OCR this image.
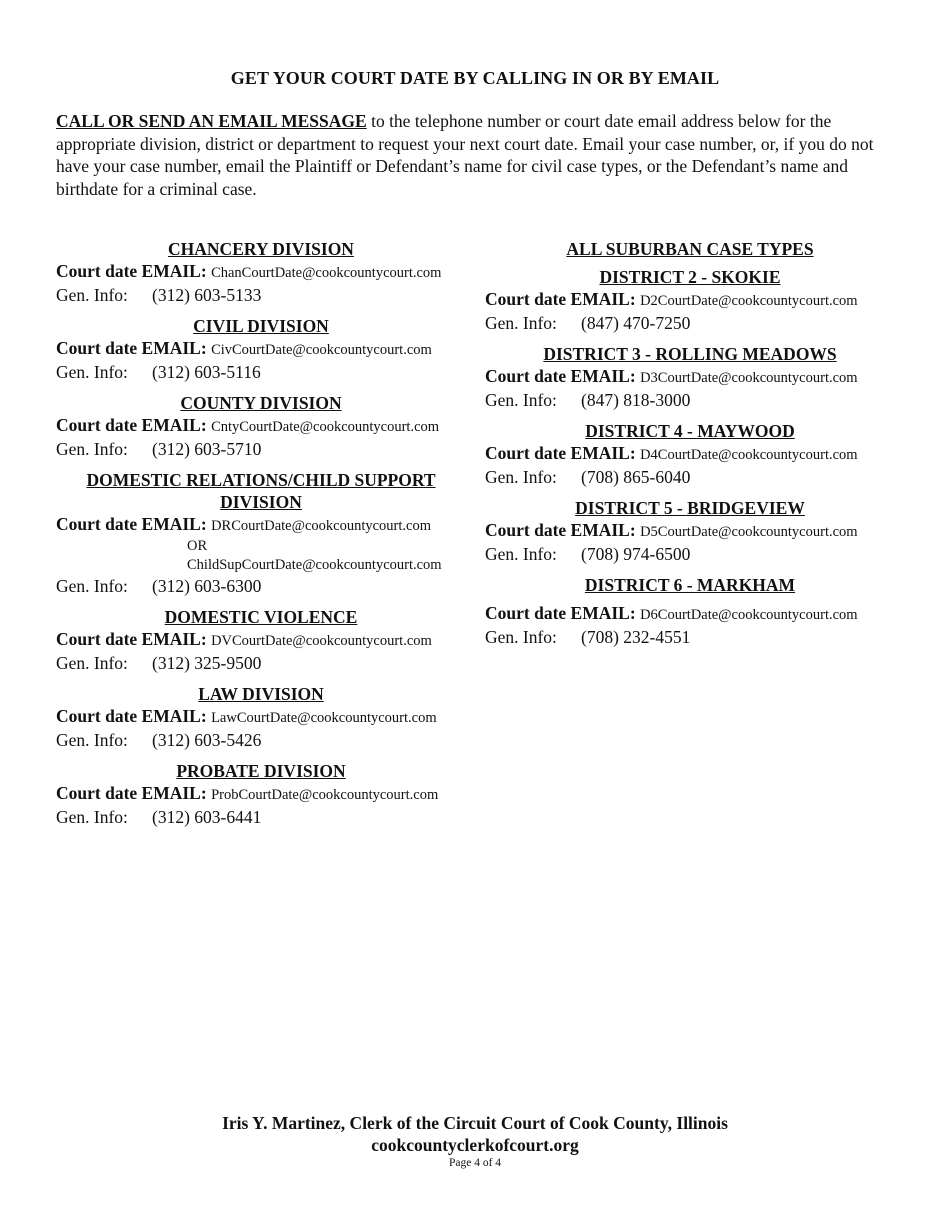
GET YOUR COURT DATE BY CALLING IN OR BY EMAIL
CALL OR SEND AN EMAIL MESSAGE to the telephone number or court date email address below for the appropriate division, district or department to request your next court date. Email your case number, or, if you do not have your case number, email the Plaintiff or Defendant’s name for civil case types, or the Defendant’s name and birthdate for a criminal case.
CHANCERY DIVISION
Court date EMAIL: ChanCourtDate@cookcountycourt.com
Gen. Info: (312) 603-5133
CIVIL DIVISION
Court date EMAIL: CivCourtDate@cookcountycourt.com
Gen. Info: (312) 603-5116
COUNTY DIVISION
Court date EMAIL: CntyCourtDate@cookcountycourt.com
Gen. Info: (312) 603-5710
DOMESTIC RELATIONS/CHILD SUPPORT DIVISION
Court date EMAIL: DRCourtDate@cookcountycourt.com
OR
ChildSupCourtDate@cookcountycourt.com
Gen. Info: (312) 603-6300
DOMESTIC VIOLENCE
Court date EMAIL: DVCourtDate@cookcountycourt.com
Gen. Info: (312) 325-9500
LAW DIVISION
Court date EMAIL: LawCourtDate@cookcountycourt.com
Gen. Info: (312) 603-5426
PROBATE DIVISION
Court date EMAIL: ProbCourtDate@cookcountycourt.com
Gen. Info: (312) 603-6441
ALL SUBURBAN CASE TYPES
DISTRICT 2 - SKOKIE
Court date EMAIL: D2CourtDate@cookcountycourt.com
Gen. Info: (847) 470-7250
DISTRICT 3 - ROLLING MEADOWS
Court date EMAIL: D3CourtDate@cookcountycourt.com
Gen. Info: (847) 818-3000
DISTRICT 4 - MAYWOOD
Court date EMAIL: D4CourtDate@cookcountycourt.com
Gen. Info: (708) 865-6040
DISTRICT 5 - BRIDGEVIEW
Court date EMAIL: D5CourtDate@cookcountycourt.com
Gen. Info: (708) 974-6500
DISTRICT 6 - MARKHAM
Court date EMAIL: D6CourtDate@cookcountycourt.com
Gen. Info: (708) 232-4551
Iris Y. Martinez, Clerk of the Circuit Court of Cook County, Illinois
cookcountyclerkofcourt.org
Page 4 of 4
